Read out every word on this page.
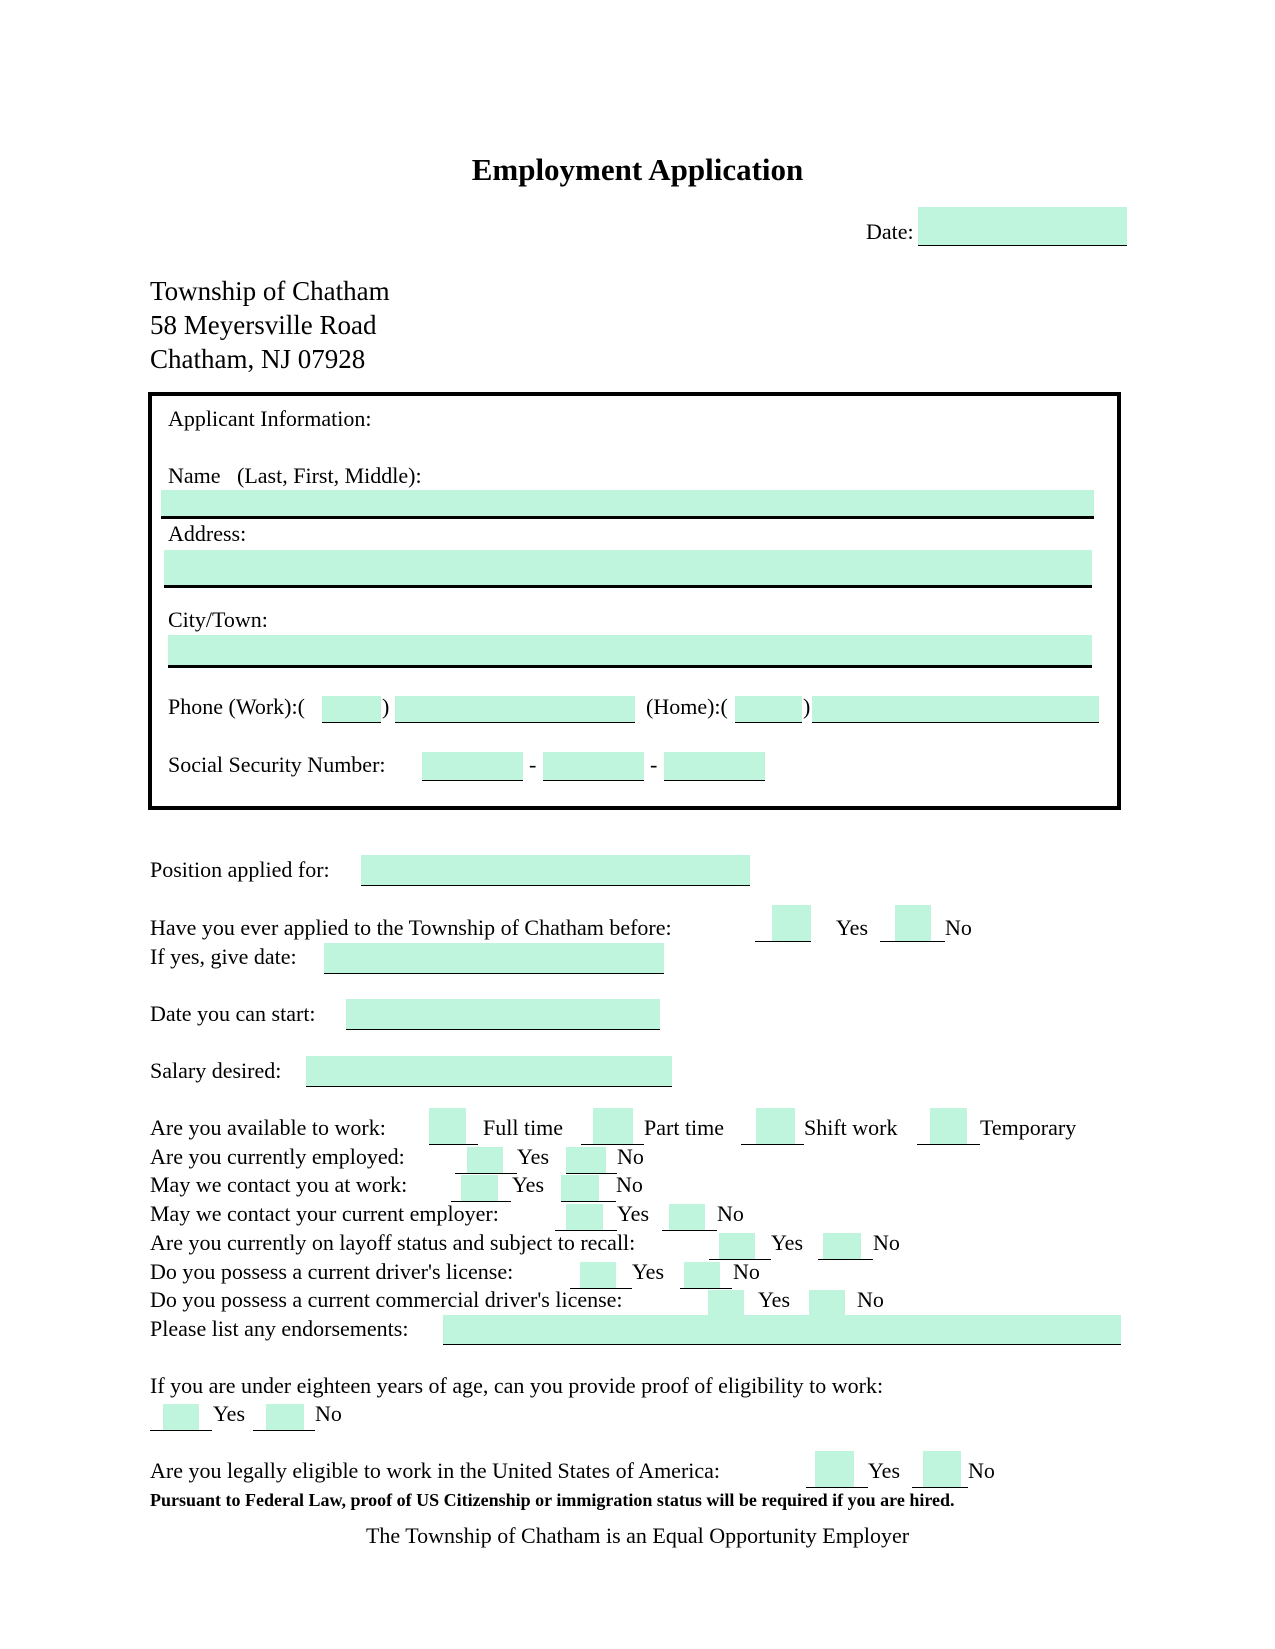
Employment Application
Date:
Township of Chatham
58 Meyersville Road
Chatham, NJ 07928
Applicant Information:
Name   (Last, First, Middle):
Address:
City/Town:
Phone (Work):(	)	(Home):(	)
Social Security Number:	-	-
Position applied for:
Have you ever applied to the Township of Chatham before:	Yes	No
If yes, give date:
Date you can start:
Salary desired:
Are you available to work:	Full time	Part time	Shift work	Temporary
Are you currently employed:	Yes	No
May we contact you at work:	Yes	No
May we contact your current employer:	Yes	No
Are you currently on layoff status and subject to recall:	Yes	No
Do you possess a current driver's license:	Yes	No
Do you possess a current commercial driver's license:	Yes	No
Please list any endorsements:
If you are under eighteen years of age, can you provide proof of eligibility to work:
Yes	No
Are you legally eligible to work in the United States of America:	Yes	No
Pursuant to Federal Law, proof of US Citizenship or immigration status will be required if you are hired.
The Township of Chatham is an Equal Opportunity Employer
